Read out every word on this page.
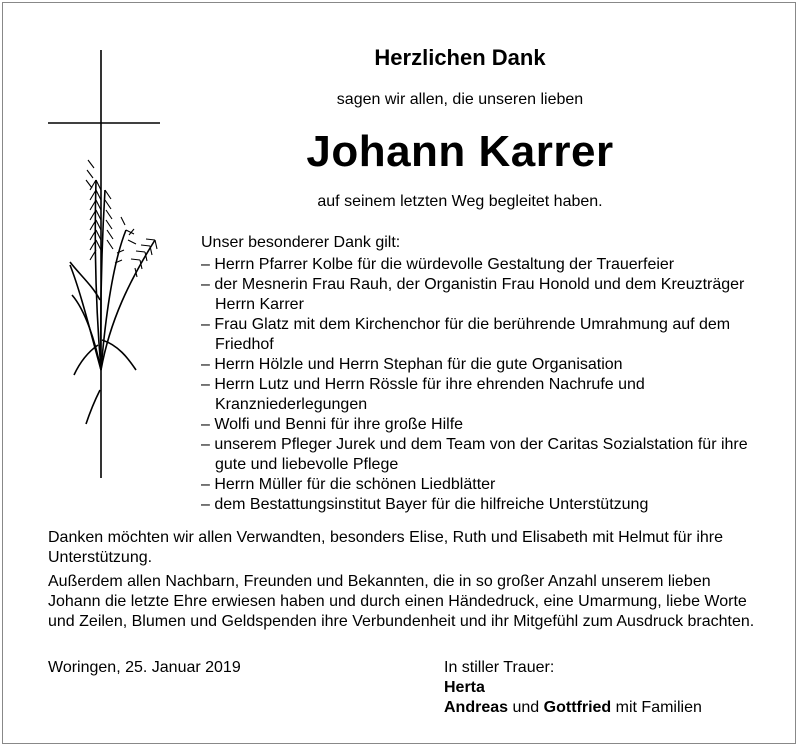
Herzlichen Dank
sagen wir allen, die unseren lieben
Johann Karrer
auf seinem letzten Weg begleitet haben.
Unser besonderer Dank gilt:
– Herrn Pfarrer Kolbe für die würdevolle Gestaltung der Trauerfeier
– der Mesnerin Frau Rauh, der Organistin Frau Honold und dem Kreuzträger Herrn Karrer
– Frau Glatz mit dem Kirchenchor für die berührende Umrahmung auf dem Friedhof
– Herrn Hölzle und Herrn Stephan für die gute Organisation
– Herrn Lutz und Herrn Rössle für ihre ehrenden Nachrufe und Kranzniederlegungen
– Wolfi und Benni für ihre große Hilfe
– unserem Pfleger Jurek und dem Team von der Caritas Sozialstation für ihre gute und liebevolle Pflege
– Herrn Müller für die schönen Liedblätter
– dem Bestattungsinstitut Bayer für die hilfreiche Unterstützung
Danken möchten wir allen Verwandten, besonders Elise, Ruth und Elisabeth mit Helmut für ihre Unterstützung.
Außerdem allen Nachbarn, Freunden und Bekannten, die in so großer Anzahl unserem lieben Johann die letzte Ehre erwiesen haben und durch einen Händedruck, eine Umarmung, liebe Worte und Zeilen, Blumen und Geldspenden ihre Verbundenheit und ihr Mitgefühl zum Ausdruck brachten.
Woringen, 25. Januar 2019	In stiller Trauer:
Herta
Andreas und Gottfried mit Familien
